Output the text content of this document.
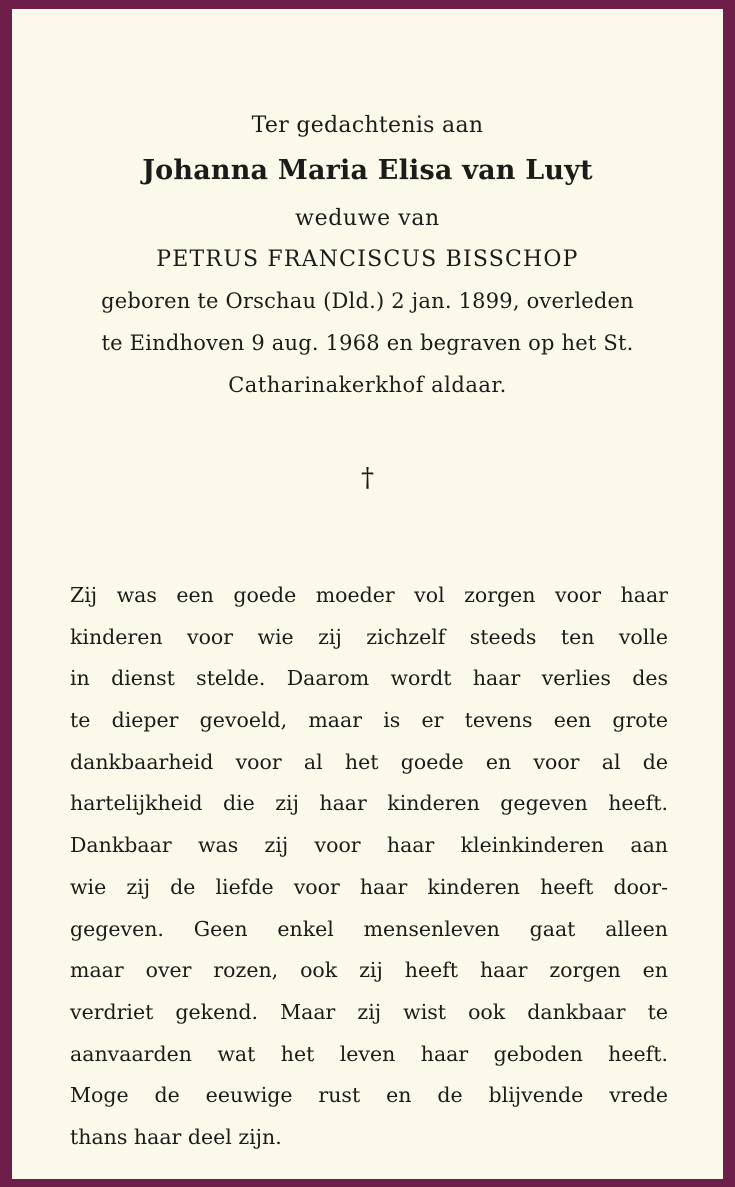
Ter gedachtenis aan
Johanna Maria Elisa van Luyt
weduwe van
PETRUS FRANCISCUS BISSCHOP
geboren te Orschau (Dld.) 2 jan. 1899, overleden
te Eindhoven 9 aug. 1968 en begraven op het St.
Catharinakerkhof aldaar.
†
Zij was een goede moeder vol zorgen voor haar
kinderen voor wie zij zichzelf steeds ten volle
in dienst stelde. Daarom wordt haar verlies des
te dieper gevoeld, maar is er tevens een grote
dankbaarheid voor al het goede en voor al de
hartelijkheid die zij haar kinderen gegeven heeft.
Dankbaar was zij voor haar kleinkinderen aan
wie zij de liefde voor haar kinderen heeft door-
gegeven. Geen enkel mensenleven gaat alleen
maar over rozen, ook zij heeft haar zorgen en
verdriet gekend. Maar zij wist ook dankbaar te
aanvaarden wat het leven haar geboden heeft.
Moge de eeuwige rust en de blijvende vrede
thans haar deel zijn.
